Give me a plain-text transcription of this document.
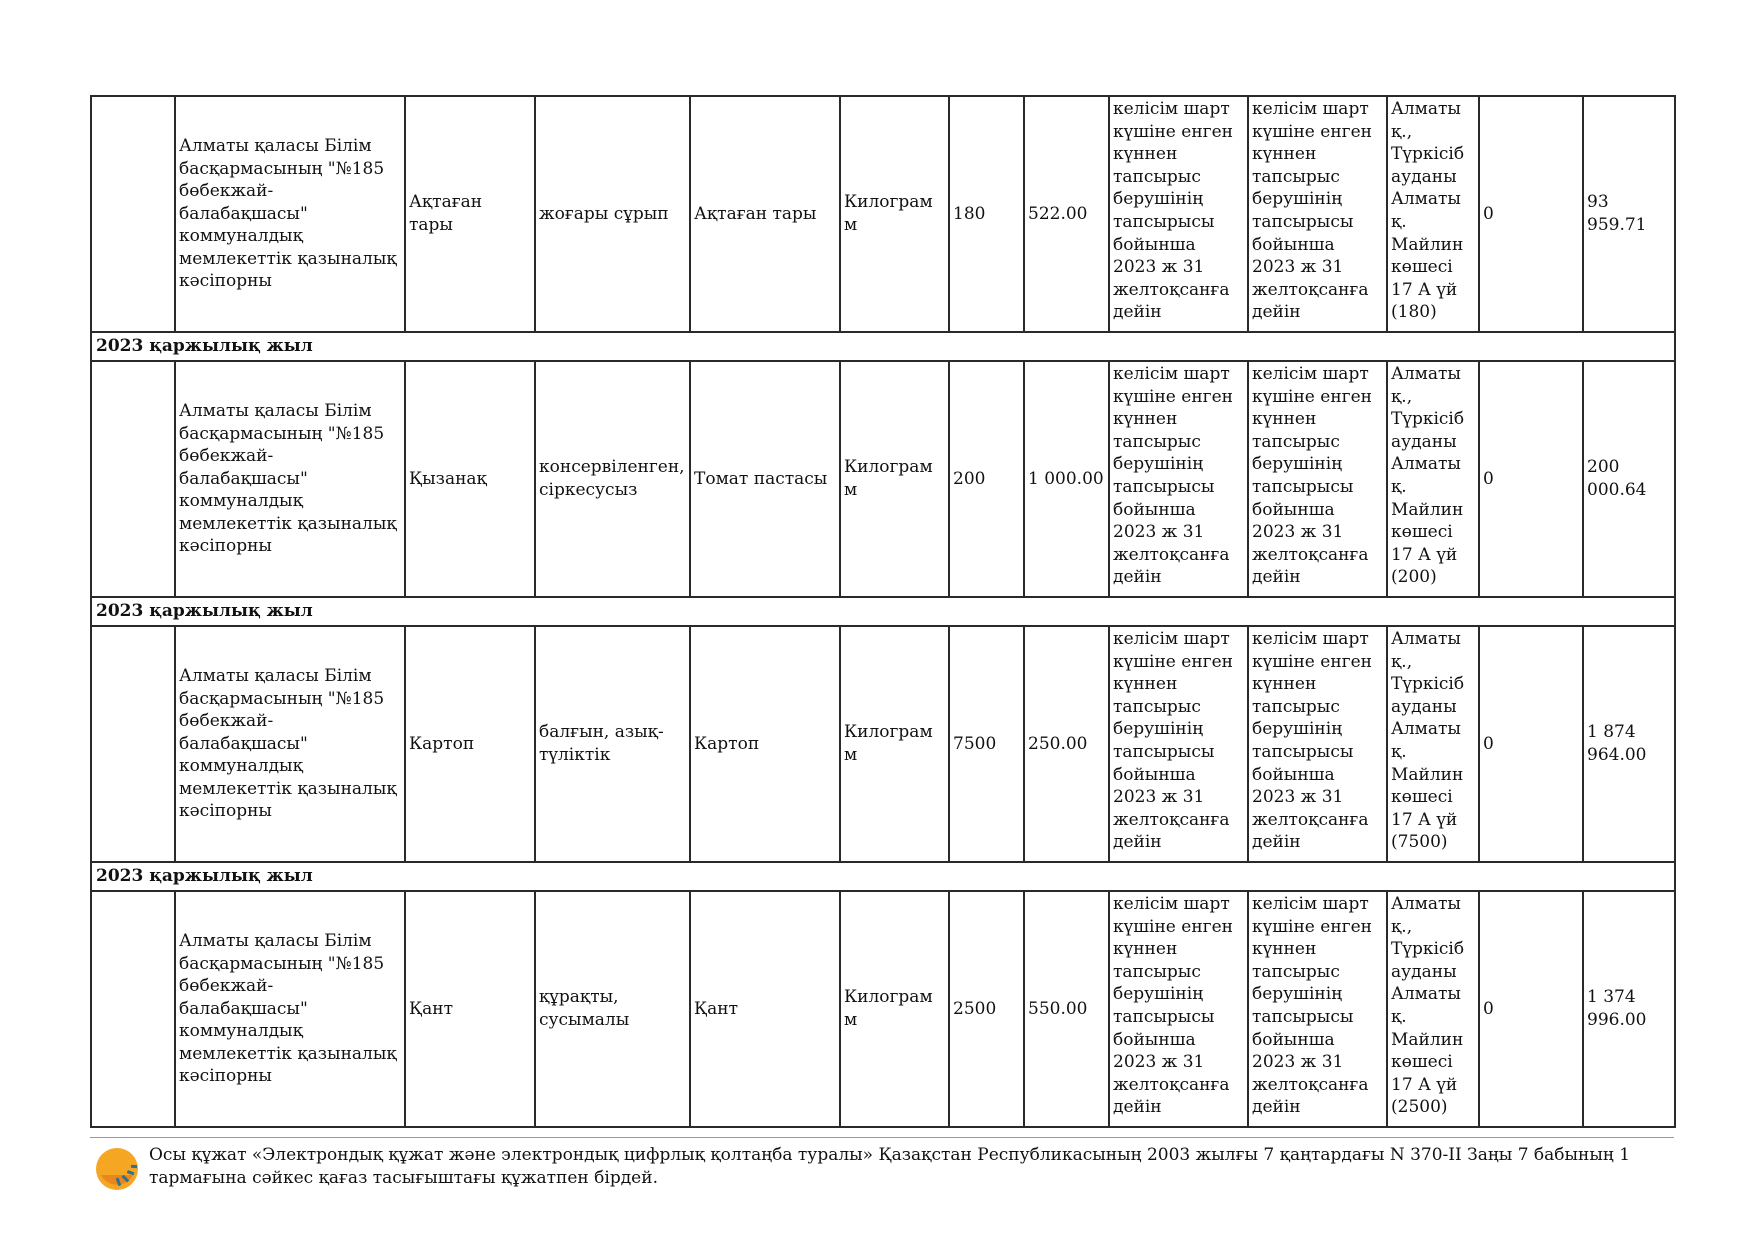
	Алматы қаласы Білім басқармасының "№185 бөбекжай-балабақшасы" коммуналдық мемлекеттік қазыналық кәсіпорны	Ақтаған тары	жоғары сұрып	Ақтаған тары	Килограмм	180	522.00	келісім шарт күшіне енген күннен тапсырыс берушінің тапсырысы бойынша 2023 ж 31 желтоқсанға дейін	келісім шарт күшіне енген күннен тапсырыс берушінің тапсырысы бойынша 2023 ж 31 желтоқсанға дейін	Алматы қ., Түркісіб ауданы Алматы қ. Майлин көшесі 17 А үй (180)	0	93 959.71
2023 қаржылық жыл												
	Алматы қаласы Білім басқармасының "№185 бөбекжай-балабақшасы" коммуналдық мемлекеттік қазыналық кәсіпорны	Қызанақ	консервіленген, сіркесусыз	Томат пастасы	Килограмм	200	1 000.00	келісім шарт күшіне енген күннен тапсырыс берушінің тапсырысы бойынша 2023 ж 31 желтоқсанға дейін	келісім шарт күшіне енген күннен тапсырыс берушінің тапсырысы бойынша 2023 ж 31 желтоқсанға дейін	Алматы қ., Түркісіб ауданы Алматы қ. Майлин көшесі 17 А үй (200)	0	200 000.64
2023 қаржылық жыл												
	Алматы қаласы Білім басқармасының "№185 бөбекжай-балабақшасы" коммуналдық мемлекеттік қазыналық кәсіпорны	Картоп	балғын, азық-түліктік	Картоп	Килограмм	7500	250.00	келісім шарт күшіне енген күннен тапсырыс берушінің тапсырысы бойынша 2023 ж 31 желтоқсанға дейін	келісім шарт күшіне енген күннен тапсырыс берушінің тапсырысы бойынша 2023 ж 31 желтоқсанға дейін	Алматы қ., Түркісіб ауданы Алматы қ. Майлин көшесі 17 А үй (7500)	0	1 874 964.00
2023 қаржылық жыл												
	Алматы қаласы Білім басқармасының "№185 бөбекжай-балабақшасы" коммуналдық мемлекеттік қазыналық кәсіпорны	Қант	құрақты, сусымалы	Қант	Килограмм	2500	550.00	келісім шарт күшіне енген күннен тапсырыс берушінің тапсырысы бойынша 2023 ж 31 желтоқсанға дейін	келісім шарт күшіне енген күннен тапсырыс берушінің тапсырысы бойынша 2023 ж 31 желтоқсанға дейін	Алматы қ., Түркісіб ауданы Алматы қ. Майлин көшесі 17 А үй (2500)	0	1 374 996.00
Осы құжат «Электрондық құжат және электрондық цифрлық қолтаңба туралы» Қазақстан Республикасының 2003 жылғы 7 қаңтардағы N 370-II Заңы 7 бабының 1 тармағына сәйкес қағаз тасығыштағы құжатпен бірдей.
